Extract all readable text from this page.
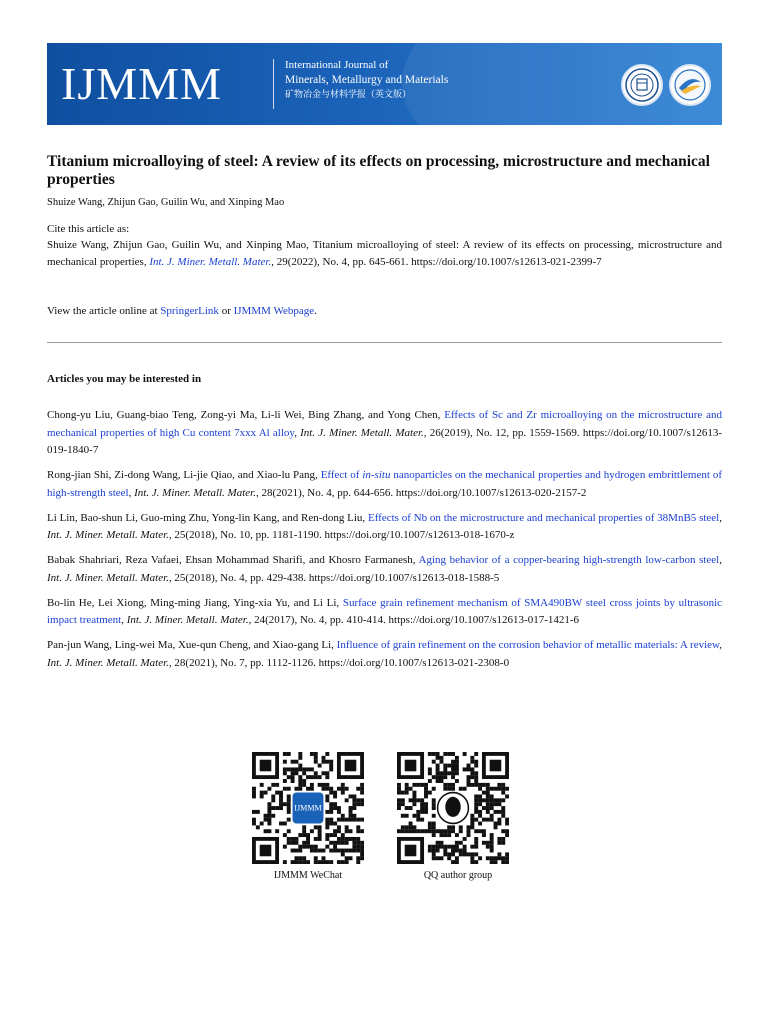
IJMMM	International Journal of
Minerals, Metallurgy and Materials
矿物冶金与材料学报（英文版）
Titanium microalloying of steel: A review of its effects on processing, microstructure and mechanical properties
Shuize Wang, Zhijun Gao, Guilin Wu, and Xinping Mao
Cite this article as:
Shuize Wang, Zhijun Gao, Guilin Wu, and Xinping Mao, Titanium microalloying of steel: A review of its effects on processing, microstructure and mechanical properties, Int. J. Miner. Metall. Mater., 29(2022), No. 4, pp. 645-661. https://doi.org/10.1007/s12613-021-2399-7
View the article online at SpringerLink or IJMMM Webpage.
Articles you may be interested in
Chong-yu Liu, Guang-biao Teng, Zong-yi Ma, Li-li Wei, Bing Zhang, and Yong Chen, Effects of Sc and Zr microalloying on the microstructure and mechanical properties of high Cu content 7xxx Al alloy, Int. J. Miner. Metall. Mater., 26(2019), No. 12, pp. 1559-1569. https://doi.org/10.1007/s12613-019-1840-7
Rong-jian Shi, Zi-dong Wang, Li-jie Qiao, and Xiao-lu Pang, Effect of in-situ nanoparticles on the mechanical properties and hydrogen embrittlement of high-strength steel, Int. J. Miner. Metall. Mater., 28(2021), No. 4, pp. 644-656. https://doi.org/10.1007/s12613-020-2157-2
Li Lin, Bao-shun Li, Guo-ming Zhu, Yong-lin Kang, and Ren-dong Liu, Effects of Nb on the microstructure and mechanical properties of 38MnB5 steel, Int. J. Miner. Metall. Mater., 25(2018), No. 10, pp. 1181-1190. https://doi.org/10.1007/s12613-018-1670-z
Babak Shahriari, Reza Vafaei, Ehsan Mohammad Sharifi, and Khosro Farmanesh, Aging behavior of a copper-bearing high-strength low-carbon steel, Int. J. Miner. Metall. Mater., 25(2018), No. 4, pp. 429-438. https://doi.org/10.1007/s12613-018-1588-5
Bo-lin He, Lei Xiong, Ming-ming Jiang, Ying-xia Yu, and Li Li, Surface grain refinement mechanism of SMA490BW steel cross joints by ultrasonic impact treatment, Int. J. Miner. Metall. Mater., 24(2017), No. 4, pp. 410-414. https://doi.org/10.1007/s12613-017-1421-6
Pan-jun Wang, Ling-wei Ma, Xue-qun Cheng, and Xiao-gang Li, Influence of grain refinement on the corrosion behavior of metallic materials: A review, Int. J. Miner. Metall. Mater., 28(2021), No. 7, pp. 1112-1126. https://doi.org/10.1007/s12613-021-2308-0
IJMMM
IJMMM WeChat	QQ author group
